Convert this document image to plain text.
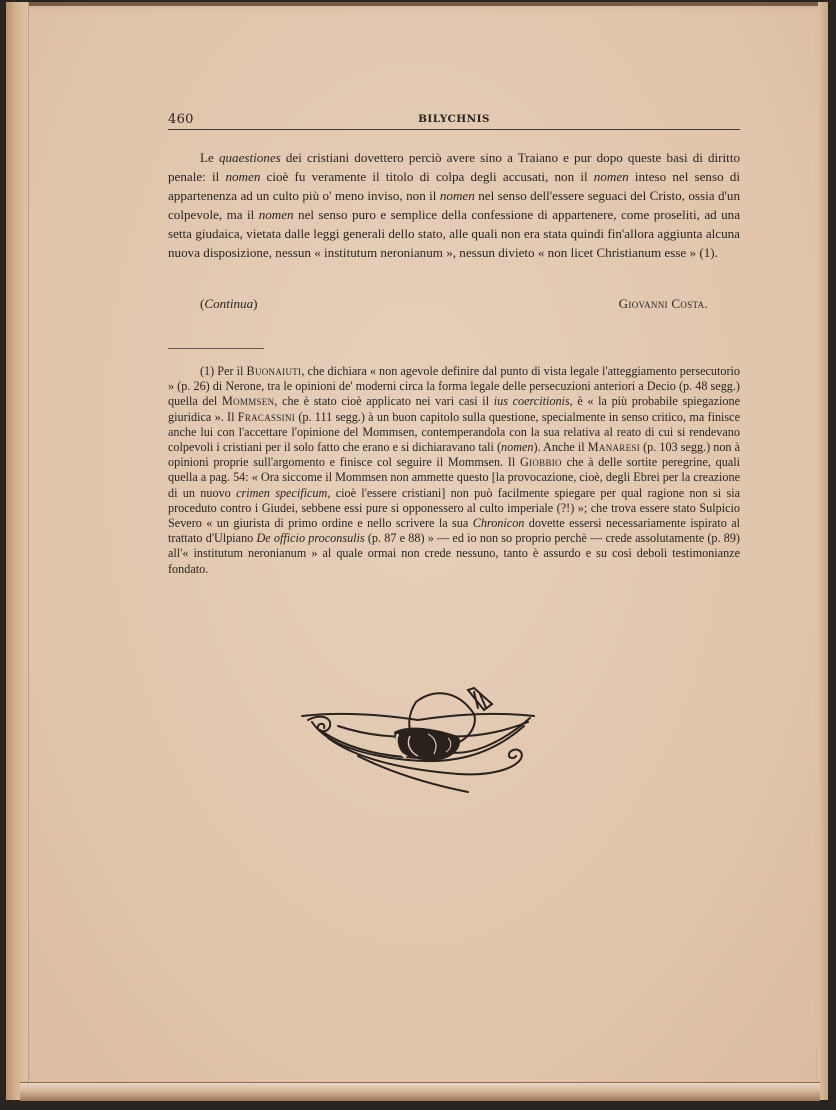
460	BILYCHNIS

Le quaestiones dei cristiani dovettero perciò avere sino a Traiano e pur dopo queste basi di diritto penale: il nomen cioè fu veramente il titolo di colpa degli accusati, non il nomen inteso nel senso di appartenenza ad un culto più o' meno inviso, non il nomen nel senso dell'essere seguaci del Cristo, ossia d'un colpevole, ma il nomen nel senso puro e semplice della confessione di appartenere, come proseliti, ad una setta giudaica, vietata dalle leggi generali dello stato, alle quali non era stata quindi fin'allora aggiunta alcuna nuova disposizione, nessun « institutum neronianum », nessun divieto « non licet Christianum esse » (1).

(Continua)	Giovanni Costa.

(1) Per il Buonaiuti, che dichiara « non agevole definire dal punto di vista legale l'atteggiamento persecutorio » (p. 26) di Nerone, tra le opinioni de' moderni circa la forma legale delle persecuzioni anteriori a Decio (p. 48 segg.) quella del Mommsen, che è stato cioè applicato nei vari casi il ius coercitionis, è « la più probabile spiegazione giuridica ». Il Fracassini (p. 111 segg.) à un buon capitolo sulla questione, specialmente in senso critico, ma finisce anche lui con l'accettare l'opinione del Mommsen, contemperandola con la sua relativa al reato di cui si rendevano colpevoli i cristiani per il solo fatto che erano e si dichiaravano tali (nomen). Anche il Manaresi (p. 103 segg.) non à opinioni proprie sull'argomento e finisce col seguire il Mommsen. Il Giobbio che à delle sortite peregrine, quali quella a pag. 54: « Ora siccome il Mommsen non ammette questo [la provocazione, cioè, degli Ebrei per la creazione di un nuovo crimen specificum, cioè l'essere cristiani] non può facilmente spiegare per qual ragione non si sia proceduto contro i Giudei, sebbene essi pure si opponessero al culto imperiale (?!) »; che trova essere stato Sulpicio Severo « un giurista di primo ordine e nello scrivere la sua Chronicon dovette essersi necessariamente ispirato al trattato d'Ulpiano De officio proconsulis (p. 87 e 88) » — ed io non so proprio perchè — crede assolutamente (p. 89) all'« institutum neronianum » al quale ormai non crede nessuno, tanto è assurdo e su così deboli testimonianze fondato.
